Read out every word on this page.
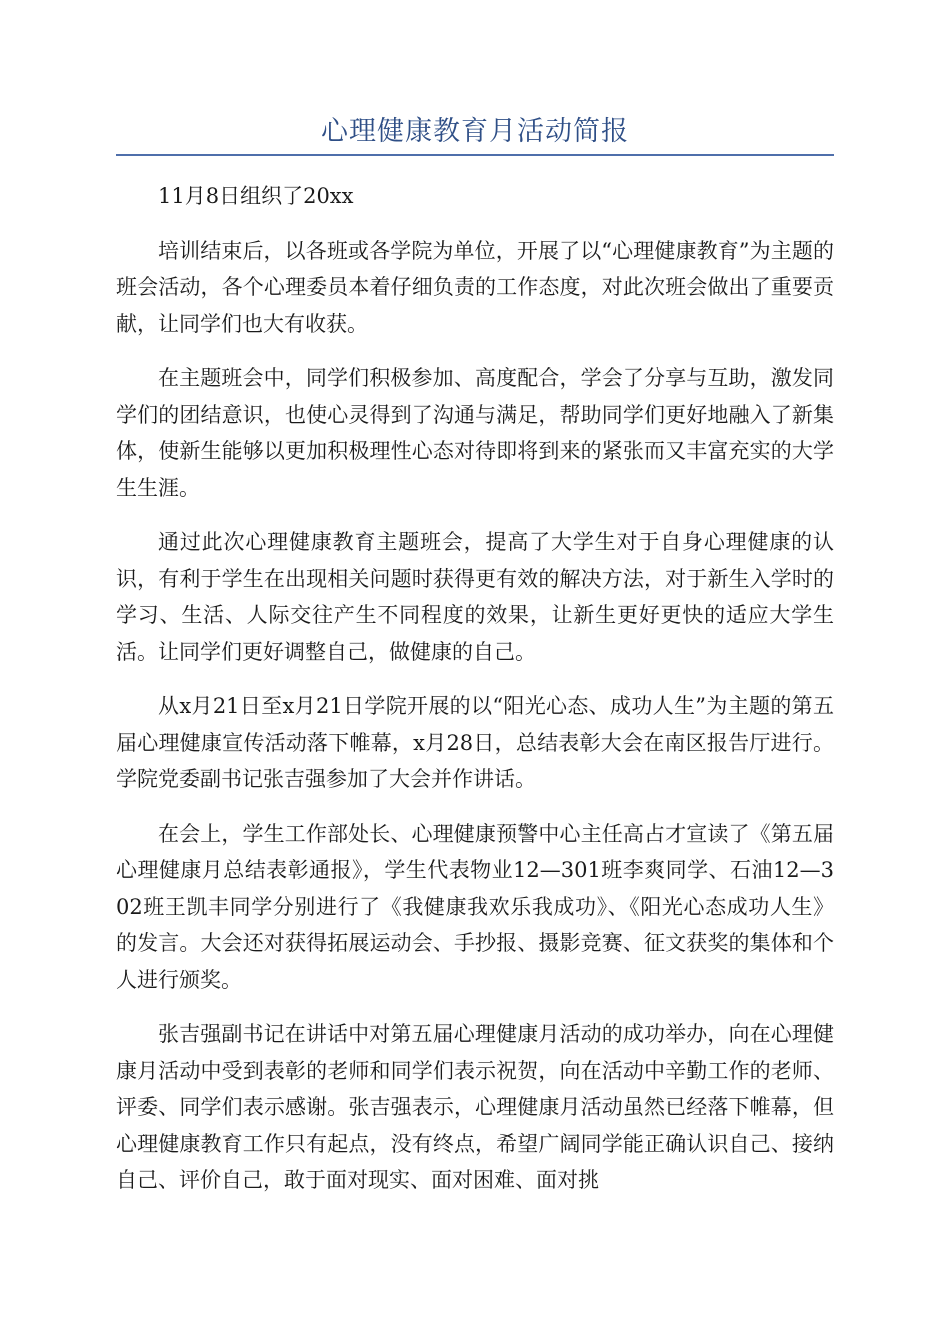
心理健康教育月活动简报

11月8日组织了20xx

培训结束后，以各班或各学院为单位，开展了以“心理健康教育”为主题的班会活动，各个心理委员本着仔细负责的工作态度，对此次班会做出了重要贡献，让同学们也大有收获。

在主题班会中，同学们积极参加、高度配合，学会了分享与互助，激发同学们的团结意识，也使心灵得到了沟通与满足，帮助同学们更好地融入了新集体，使新生能够以更加积极理性心态对待即将到来的紧张而又丰富充实的大学生生涯。

通过此次心理健康教育主题班会，提高了大学生对于自身心理健康的认识，有利于学生在出现相关问题时获得更有效的解决方法，对于新生入学时的学习、生活、人际交往产生不同程度的效果，让新生更好更快的适应大学生活。让同学们更好调整自己，做健康的自己。

从x月21日至x月21日学院开展的以“阳光心态、成功人生”为主题的第五届心理健康宣传活动落下帷幕，x月28日，总结表彰大会在南区报告厅进行。学院党委副书记张吉强参加了大会并作讲话。

在会上，学生工作部处长、心理健康预警中心主任高占才宣读了《第五届心理健康月总结表彰通报》，学生代表物业12—301班李爽同学、石油12—302班王凯丰同学分别进行了《我健康我欢乐我成功》、《阳光心态成功人生》的发言。大会还对获得拓展运动会、手抄报、摄影竞赛、征文获奖的集体和个人进行颁奖。

张吉强副书记在讲话中对第五届心理健康月活动的成功举办，向在心理健康月活动中受到表彰的老师和同学们表示祝贺，向在活动中辛勤工作的老师、评委、同学们表示感谢。张吉强表示，心理健康月活动虽然已经落下帷幕，但心理健康教育工作只有起点，没有终点，希望广阔同学能正确认识自己、接纳自己、评价自己，敢于面对现实、面对困难、面对挑
